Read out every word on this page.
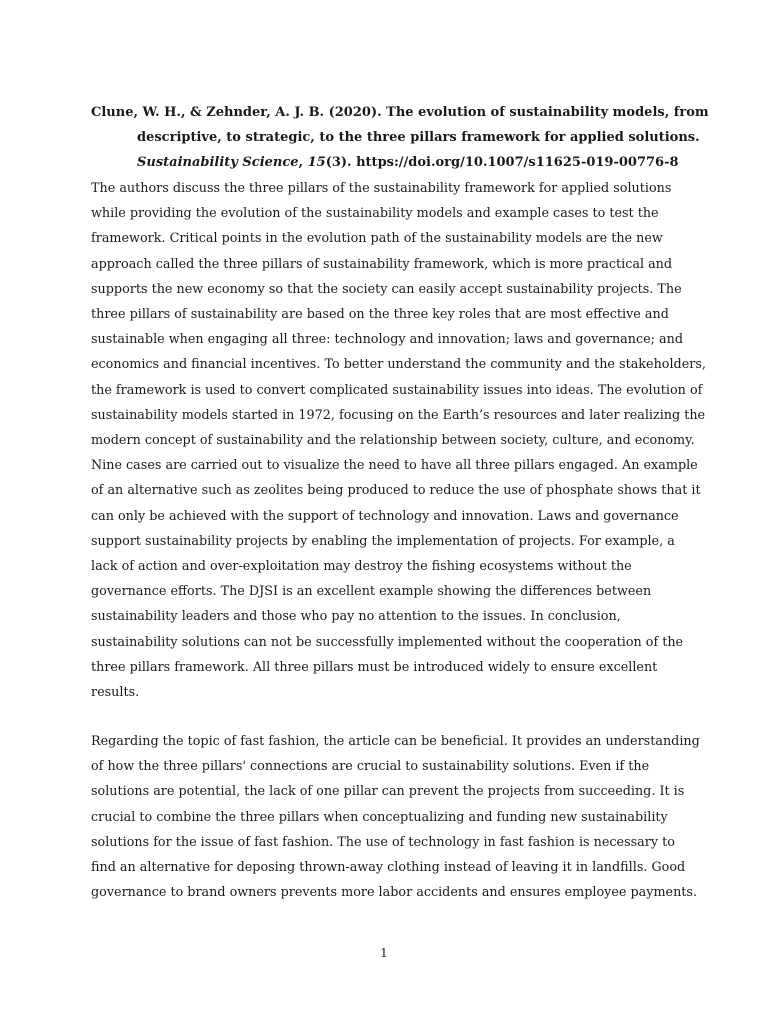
Clune, W. H., & Zehnder, A. J. B. (2020). The evolution of sustainability models, from
descriptive, to strategic, to the three pillars framework for applied solutions.
Sustainability Science, 15(3). https://doi.org/10.1007/s11625-019-00776-8
The authors discuss the three pillars of the sustainability framework for applied solutions
while providing the evolution of the sustainability models and example cases to test the
framework. Critical points in the evolution path of the sustainability models are the new
approach called the three pillars of sustainability framework, which is more practical and
supports the new economy so that the society can easily accept sustainability projects. The
three pillars of sustainability are based on the three key roles that are most effective and
sustainable when engaging all three: technology and innovation; laws and governance; and
economics and financial incentives. To better understand the community and the stakeholders,
the framework is used to convert complicated sustainability issues into ideas. The evolution of
sustainability models started in 1972, focusing on the Earth’s resources and later realizing the
modern concept of sustainability and the relationship between society, culture, and economy.
Nine cases are carried out to visualize the need to have all three pillars engaged. An example
of an alternative such as zeolites being produced to reduce the use of phosphate shows that it
can only be achieved with the support of technology and innovation. Laws and governance
support sustainability projects by enabling the implementation of projects. For example, a
lack of action and over-exploitation may destroy the fishing ecosystems without the
governance efforts. The DJSI is an excellent example showing the differences between
sustainability leaders and those who pay no attention to the issues. In conclusion,
sustainability solutions can not be successfully implemented without the cooperation of the
three pillars framework. All three pillars must be introduced widely to ensure excellent
results.
Regarding the topic of fast fashion, the article can be beneficial. It provides an understanding
of how the three pillars' connections are crucial to sustainability solutions. Even if the
solutions are potential, the lack of one pillar can prevent the projects from succeeding. It is
crucial to combine the three pillars when conceptualizing and funding new sustainability
solutions for the issue of fast fashion. The use of technology in fast fashion is necessary to
find an alternative for deposing thrown-away clothing instead of leaving it in landfills. Good
governance to brand owners prevents more labor accidents and ensures employee payments.
1
